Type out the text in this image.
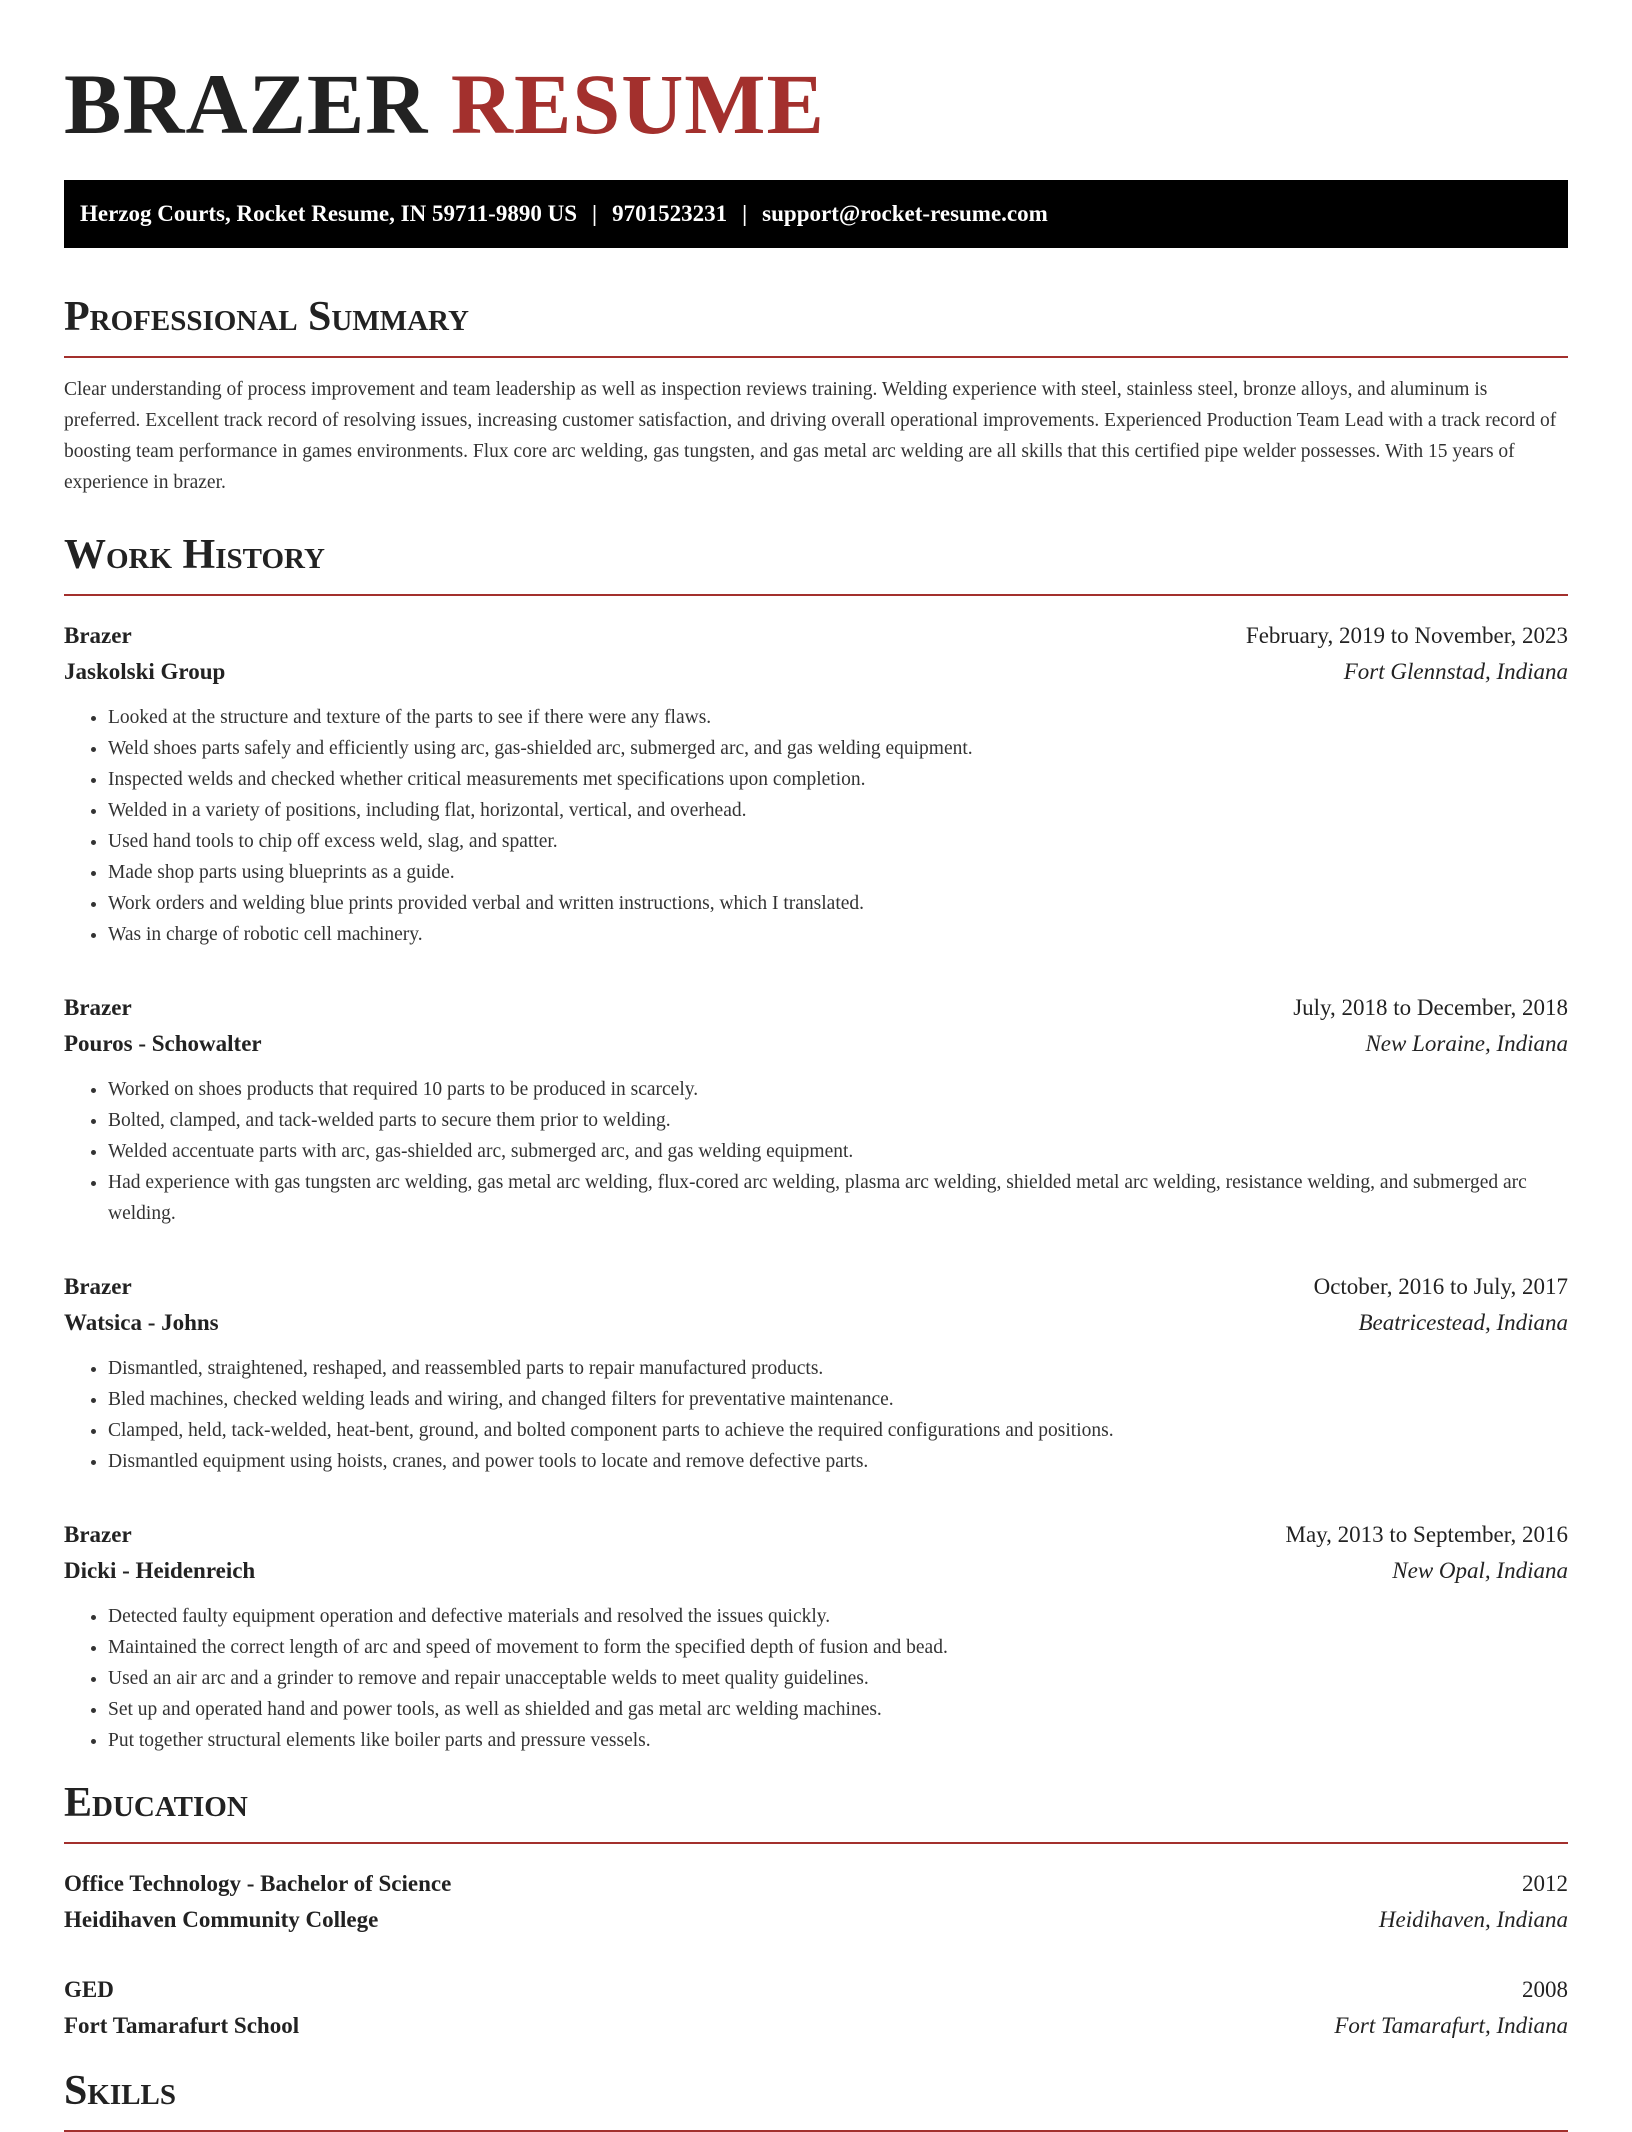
BRAZER RESUME
Herzog Courts, Rocket Resume, IN 59711-9890 US | 9701523231 | support@rocket-resume.com
Professional Summary

Clear understanding of process improvement and team leadership as well as inspection reviews training. Welding experience with steel, stainless steel, bronze alloys, and aluminum is preferred. Excellent track record of resolving issues, increasing customer satisfaction, and driving overall operational improvements. Experienced Production Team Lead with a track record of boosting team performance in games environments. Flux core arc welding, gas tungsten, and gas metal arc welding are all skills that this certified pipe welder possesses. With 15 years of experience in brazer.

Work History
Brazer	February, 2019 to November, 2023
Jaskolski Group	Fort Glennstad, Indiana
• Looked at the structure and texture of the parts to see if there were any flaws.
• Weld shoes parts safely and efficiently using arc, gas-shielded arc, submerged arc, and gas welding equipment.
• Inspected welds and checked whether critical measurements met specifications upon completion.
• Welded in a variety of positions, including flat, horizontal, vertical, and overhead.
• Used hand tools to chip off excess weld, slag, and spatter.
• Made shop parts using blueprints as a guide.
• Work orders and welding blue prints provided verbal and written instructions, which I translated.
• Was in charge of robotic cell machinery.
Brazer	July, 2018 to December, 2018
Pouros - Schowalter	New Loraine, Indiana
• Worked on shoes products that required 10 parts to be produced in scarcely.
• Bolted, clamped, and tack-welded parts to secure them prior to welding.
• Welded accentuate parts with arc, gas-shielded arc, submerged arc, and gas welding equipment.
• Had experience with gas tungsten arc welding, gas metal arc welding, flux-cored arc welding, plasma arc welding, shielded metal arc welding, resistance welding, and submerged arc welding.
Brazer	October, 2016 to July, 2017
Watsica - Johns	Beatricestead, Indiana
• Dismantled, straightened, reshaped, and reassembled parts to repair manufactured products.
• Bled machines, checked welding leads and wiring, and changed filters for preventative maintenance.
• Clamped, held, tack-welded, heat-bent, ground, and bolted component parts to achieve the required configurations and positions.
• Dismantled equipment using hoists, cranes, and power tools to locate and remove defective parts.
Brazer	May, 2013 to September, 2016
Dicki - Heidenreich	New Opal, Indiana
• Detected faulty equipment operation and defective materials and resolved the issues quickly.
• Maintained the correct length of arc and speed of movement to form the specified depth of fusion and bead.
• Used an air arc and a grinder to remove and repair unacceptable welds to meet quality guidelines.
• Set up and operated hand and power tools, as well as shielded and gas metal arc welding machines.
• Put together structural elements like boiler parts and pressure vessels.
Education
Office Technology - Bachelor of Science	2012
Heidihaven Community College	Heidihaven, Indiana
GED	2008
Fort Tamarafurt School	Fort Tamarafurt, Indiana
Skills
